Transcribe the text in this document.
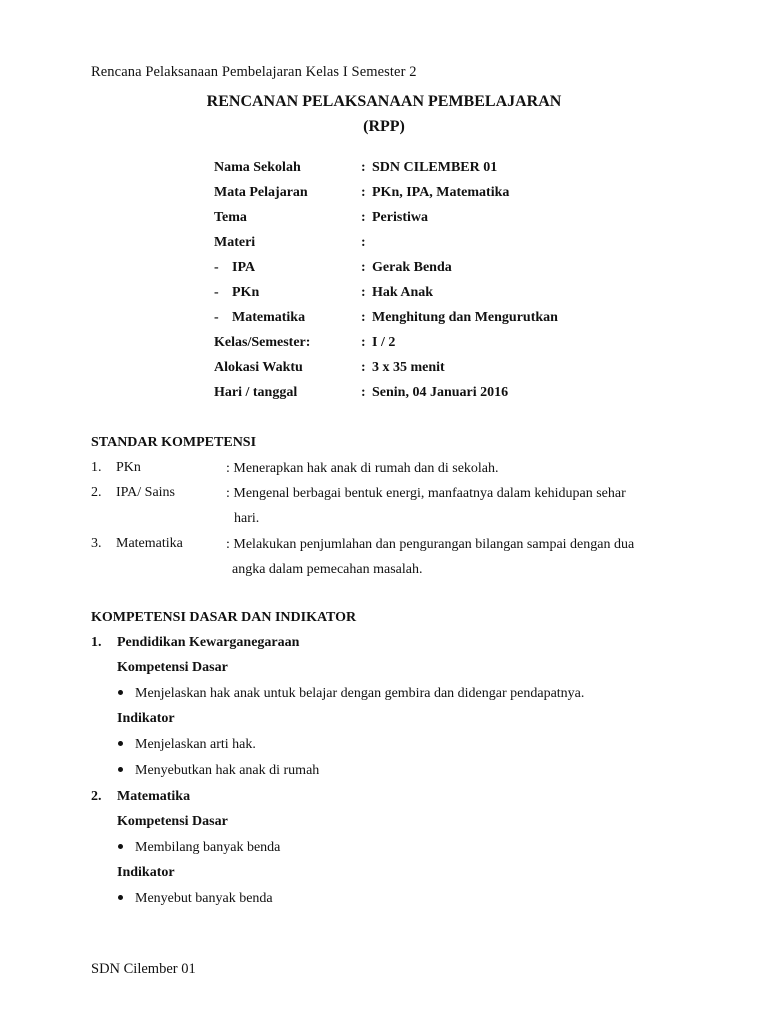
Rencana Pelaksanaan Pembelajaran Kelas I Semester 2
RENCANAN PELAKSANAAN PEMBELAJARAN
(RPP)
Nama Sekolah	: SDN CILEMBER 01
Mata Pelajaran	: PKn, IPA, Matematika
Tema	: Peristiwa
Materi	:
- IPA	: Gerak Benda
- PKn	: Hak Anak
- Matematika	: Menghitung dan Mengurutkan
Kelas/Semester:	: I / 2
Alokasi Waktu	: 3 x 35 menit
Hari / tanggal	: Senin, 04 Januari 2016
STANDAR KOMPETENSI
1. PKn	: Menerapkan hak anak di rumah dan di sekolah.
2. IPA/ Sains	: Mengenal berbagai bentuk energi, manfaatnya dalam kehidupan sehar
hari.
3. Matematika	: Melakukan penjumlahan dan pengurangan bilangan sampai dengan dua
angka dalam pemecahan masalah.
KOMPETENSI DASAR DAN INDIKATOR
1. Pendidikan Kewarganegaraan
Kompetensi Dasar
Menjelaskan hak anak untuk belajar dengan gembira dan didengar pendapatnya.
Indikator
Menjelaskan arti hak.
Menyebutkan hak anak di rumah
2. Matematika
Kompetensi Dasar
Membilang banyak benda
Indikator
Menyebut banyak benda
SDN Cilember 01
